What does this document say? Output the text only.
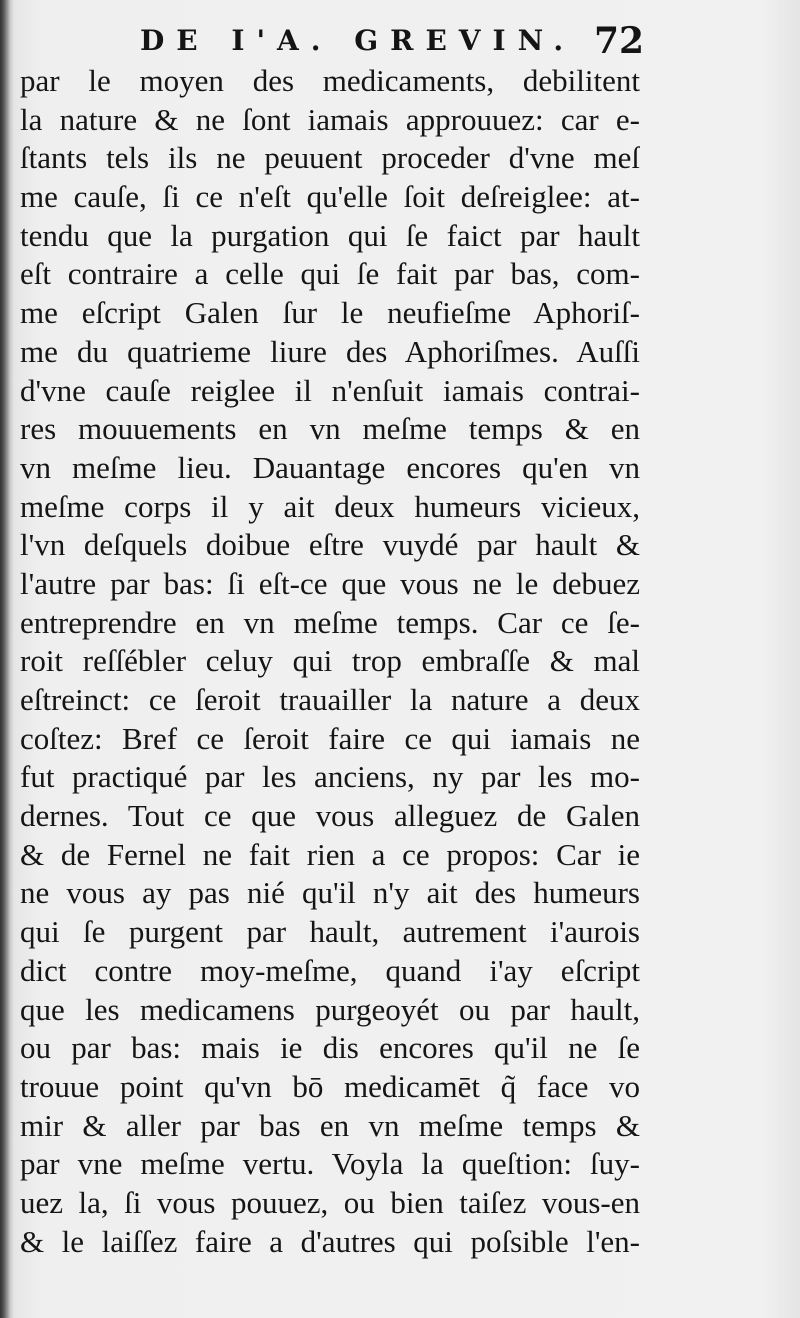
DE I'A. GREVIN. 72
par le moyen des medicaments, debilitent
la nature & ne ſont iamais approuuez: car e-
ſtants tels ils ne peuuent proceder d'vne meſ
me cauſe, ſi ce n'eſt qu'elle ſoit deſreiglee: at-
tendu que la purgation qui ſe faict par hault
eſt contraire a celle qui ſe fait par bas, com-
me eſcript Galen ſur le neufieſme Aphoriſ-
me du quatrieme liure des Aphoriſmes. Auſſi
d'vne cauſe reiglee il n'enſuit iamais contrai-
res mouuements en vn meſme temps & en
vn meſme lieu. Dauantage encores qu'en vn
meſme corps il y ait deux humeurs vicieux,
l'vn deſquels doibue eſtre vuydé par hault &
l'autre par bas: ſi eſt-ce que vous ne le debuez
entreprendre en vn meſme temps. Car ce ſe-
roit reſſébler celuy qui trop embraſſe & mal
eſtreinct: ce ſeroit trauailler la nature a deux
coſtez: Bref ce ſeroit faire ce qui iamais ne
fut practiqué par les anciens, ny par les mo-
dernes. Tout ce que vous alleguez de Galen
& de Fernel ne fait rien a ce propos: Car ie
ne vous ay pas nié qu'il n'y ait des humeurs
qui ſe purgent par hault, autrement i'aurois
dict contre moy-meſme, quand i'ay eſcript
que les medicamens purgeoyét ou par hault,
ou par bas: mais ie dis encores qu'il ne ſe
trouue point qu'vn bō medicamēt q̃ face vo
mir & aller par bas en vn meſme temps &
par vne meſme vertu. Voyla la queſtion: ſuy-
uez la, ſi vous pouuez, ou bien taiſez vous-en
& le laiſſez faire a d'autres qui poſsible l'en-
